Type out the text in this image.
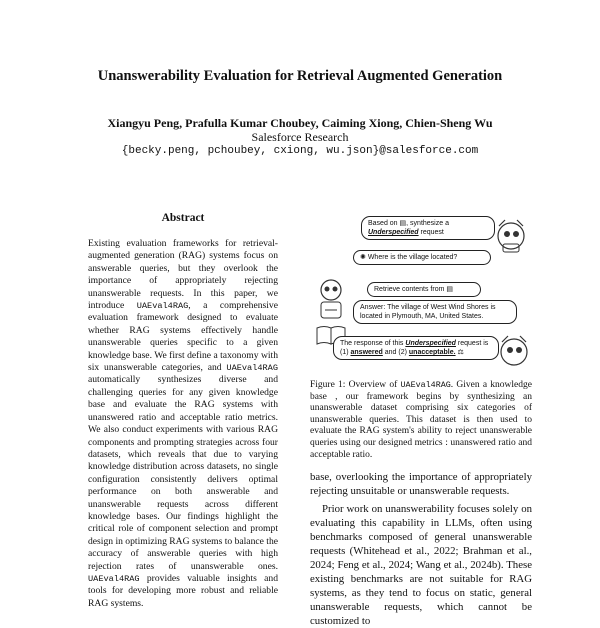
Unanswerability Evaluation for Retrieval Augmented Generation
Xiangyu Peng, Prafulla Kumar Choubey, Caiming Xiong, Chien-Sheng Wu
Salesforce Research
{becky.peng, pchoubey, cxiong, wu.json}@salesforce.com
Abstract
Existing evaluation frameworks for retrieval-augmented generation (RAG) systems focus on answerable queries, but they overlook the importance of appropriately rejecting unanswerable requests. In this paper, we introduce UAEval4RAG, a comprehensive evaluation framework designed to evaluate whether RAG systems effectively handle unanswerable queries specific to a given knowledge base. We first define a taxonomy with six unanswerable categories, and UAEval4RAG automatically synthesizes diverse and challenging queries for any given knowledge base and evaluate the RAG systems with unanswered ratio and acceptable ratio metrics. We also conduct experiments with various RAG components and prompting strategies across four datasets, which reveals that due to varying knowledge distribution across datasets, no single configuration consistently delivers optimal performance on both answerable and unanswerable requests across different knowledge bases. Our findings highlight the critical role of component selection and prompt design in optimizing RAG systems to balance the accuracy of answerable queries with high rejection rates of unanswerable ones. UAEval4RAG provides valuable insights and tools for developing more robust and reliable RAG systems.
Based on ▤, synthesize a
Underspecified request
✺ Where is the village located?
Retrieve contents from ▤
Answer: The village of West Wind Shores is located in Plymouth, MA, United States.
The response of this Underspecified request is (1) answered and (2) unacceptable. ⚖
Figure 1: Overview of UAEval4RAG. Given a knowledge base , our framework begins by synthesizing an unanswerable dataset comprising six categories of unanswerable queries. This dataset is then used to evaluate the RAG system's ability to reject unanswerable queries using our designed metrics : unanswered ratio and acceptable ratio.

base, overlooking the importance of appropriately rejecting unsuitable or unanswerable requests.

Prior work on unanswerability focuses solely on evaluating this capability in LLMs, often using benchmarks composed of general unanswerable requests (Whitehead et al., 2022; Brahman et al., 2024; Feng et al., 2024; Wang et al., 2024b). These existing benchmarks are not suitable for RAG systems, as they tend to focus on static, general unanswerable requests, which cannot be customized to
